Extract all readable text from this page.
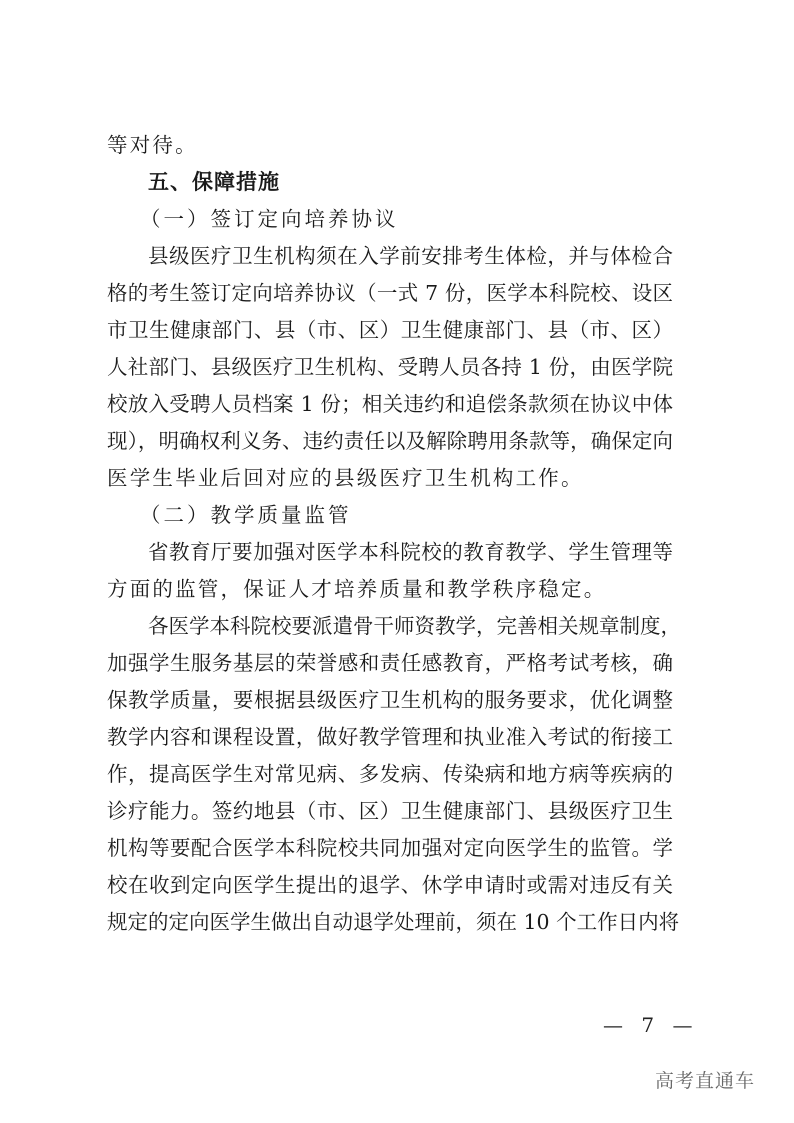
等对待。
五、保障措施
（一）签订定向培养协议
县级医疗卫生机构须在入学前安排考生体检，并与体检合
格的考生签订定向培养协议（一式 7 份，医学本科院校、设区
市卫生健康部门、县（市、区）卫生健康部门、县（市、区）
人社部门、县级医疗卫生机构、受聘人员各持 1 份，由医学院
校放入受聘人员档案 1 份；相关违约和追偿条款须在协议中体
现），明确权利义务、违约责任以及解除聘用条款等，确保定向
医学生毕业后回对应的县级医疗卫生机构工作。
（二）教学质量监管
省教育厅要加强对医学本科院校的教育教学、学生管理等
方面的监管，保证人才培养质量和教学秩序稳定。
各医学本科院校要派遣骨干师资教学，完善相关规章制度，
加强学生服务基层的荣誉感和责任感教育，严格考试考核，确
保教学质量，要根据县级医疗卫生机构的服务要求，优化调整
教学内容和课程设置，做好教学管理和执业准入考试的衔接工
作，提高医学生对常见病、多发病、传染病和地方病等疾病的
诊疗能力。签约地县（市、区）卫生健康部门、县级医疗卫生
机构等要配合医学本科院校共同加强对定向医学生的监管。学
校在收到定向医学生提出的退学、休学申请时或需对违反有关
规定的定向医学生做出自动退学处理前，须在 10 个工作日内将
— 7 —
高考直通车
